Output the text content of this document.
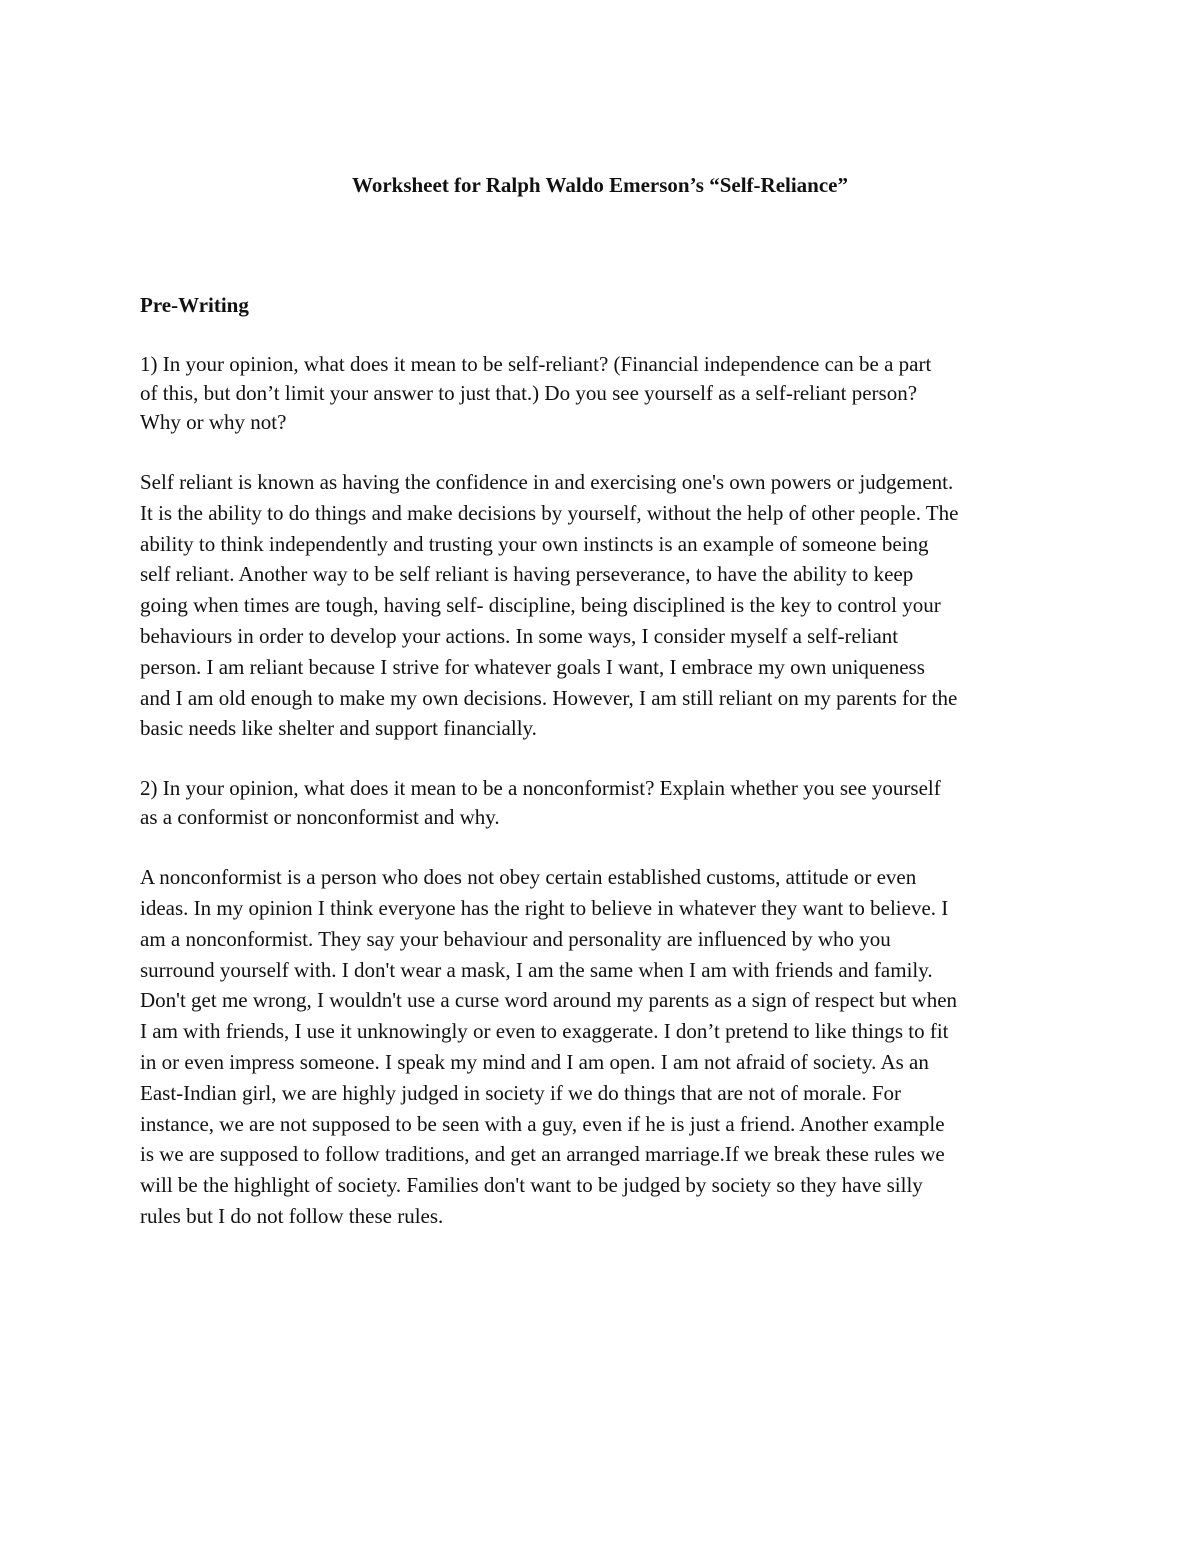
Worksheet for Ralph Waldo Emerson’s “Self-Reliance”
Pre-Writing

1) In your opinion, what does it mean to be self-reliant? (Financial independence can be a part
of this, but don’t limit your answer to just that.) Do you see yourself as a self-reliant person?
Why or why not?

Self reliant is known as having the confidence in and exercising one's own powers or judgement.
It is the ability to do things and make decisions by yourself, without the help of other people. The
ability to think independently and trusting your own instincts is an example of someone being
self reliant. Another way to be self reliant is having perseverance, to have the ability to keep
going when times are tough, having self- discipline, being disciplined is the key to control your
behaviours in order to develop your actions. In some ways, I consider myself a self-reliant
person. I am reliant because I strive for whatever goals I want, I embrace my own uniqueness
and I am old enough to make my own decisions. However, I am still reliant on my parents for the
basic needs like shelter and support financially.

2) In your opinion, what does it mean to be a nonconformist? Explain whether you see yourself
as a conformist or nonconformist and why.

A nonconformist is a person who does not obey certain established customs, attitude or even
ideas. In my opinion I think everyone has the right to believe in whatever they want to believe. I
am a nonconformist. They say your behaviour and personality are influenced by who you
surround yourself with. I don't wear a mask, I am the same when I am with friends and family.
Don't get me wrong, I wouldn't use a curse word around my parents as a sign of respect but when
I am with friends, I use it unknowingly or even to exaggerate. I don’t pretend to like things to fit
in or even impress someone. I speak my mind and I am open. I am not afraid of society. As an
East-Indian girl, we are highly judged in society if we do things that are not of morale. For
instance, we are not supposed to be seen with a guy, even if he is just a friend. Another example
is we are supposed to follow traditions, and get an arranged marriage.If we break these rules we
will be the highlight of society. Families don't want to be judged by society so they have silly
rules but I do not follow these rules.
